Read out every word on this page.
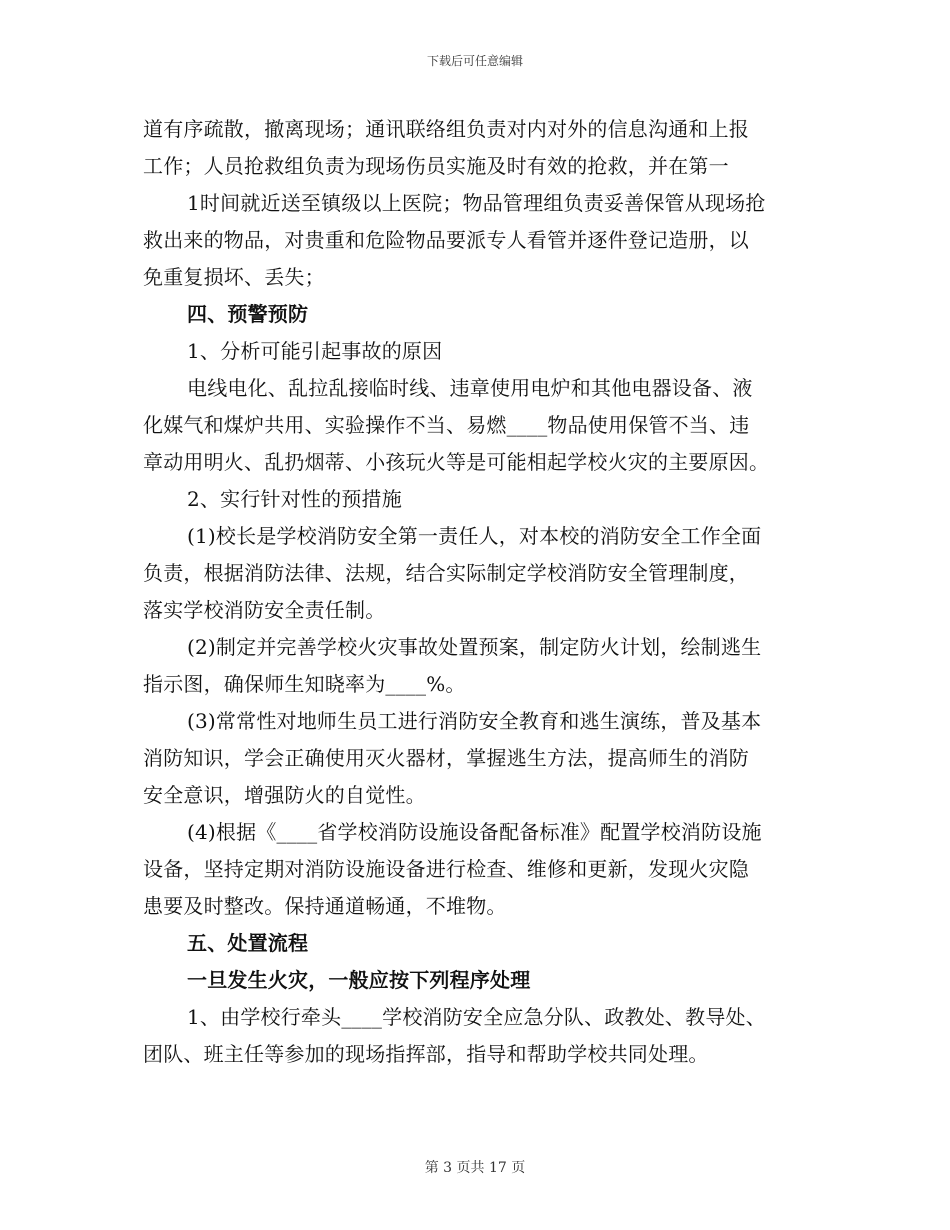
下载后可任意编辑
道有序疏散，撤离现场；通讯联络组负责对内对外的信息沟通和上报
工作；人员抢救组负责为现场伤员实施及时有效的抢救，并在第一
1时间就近送至镇级以上医院；物品管理组负责妥善保管从现场抢
救出来的物品，对贵重和危险物品要派专人看管并逐件登记造册，以
免重复损坏、丢失；
四、预警预防
1、分析可能引起事故的原因
电线电化、乱拉乱接临时线、违章使用电炉和其他电器设备、液
化媒气和煤炉共用、实验操作不当、易燃____物品使用保管不当、违
章动用明火、乱扔烟蒂、小孩玩火等是可能相起学校火灾的主要原因。
2、实行针对性的预措施
(1)校长是学校消防安全第一责任人，对本校的消防安全工作全面
负责，根据消防法律、法规，结合实际制定学校消防安全管理制度，
落实学校消防安全责任制。
(2)制定并完善学校火灾事故处置预案，制定防火计划，绘制逃生
指示图，确保师生知晓率为____%。
(3)常常性对地师生员工进行消防安全教育和逃生演练，普及基本
消防知识，学会正确使用灭火器材，掌握逃生方法，提高师生的消防
安全意识，增强防火的自觉性。
(4)根据《____省学校消防设施设备配备标准》配置学校消防设施
设备，坚持定期对消防设施设备进行检查、维修和更新，发现火灾隐
患要及时整改。保持通道畅通，不堆物。
五、处置流程
一旦发生火灾，一般应按下列程序处理
1、由学校行牵头____学校消防安全应急分队、政教处、教导处、
团队、班主任等参加的现场指挥部，指导和帮助学校共同处理。
第 3 页共 17 页
